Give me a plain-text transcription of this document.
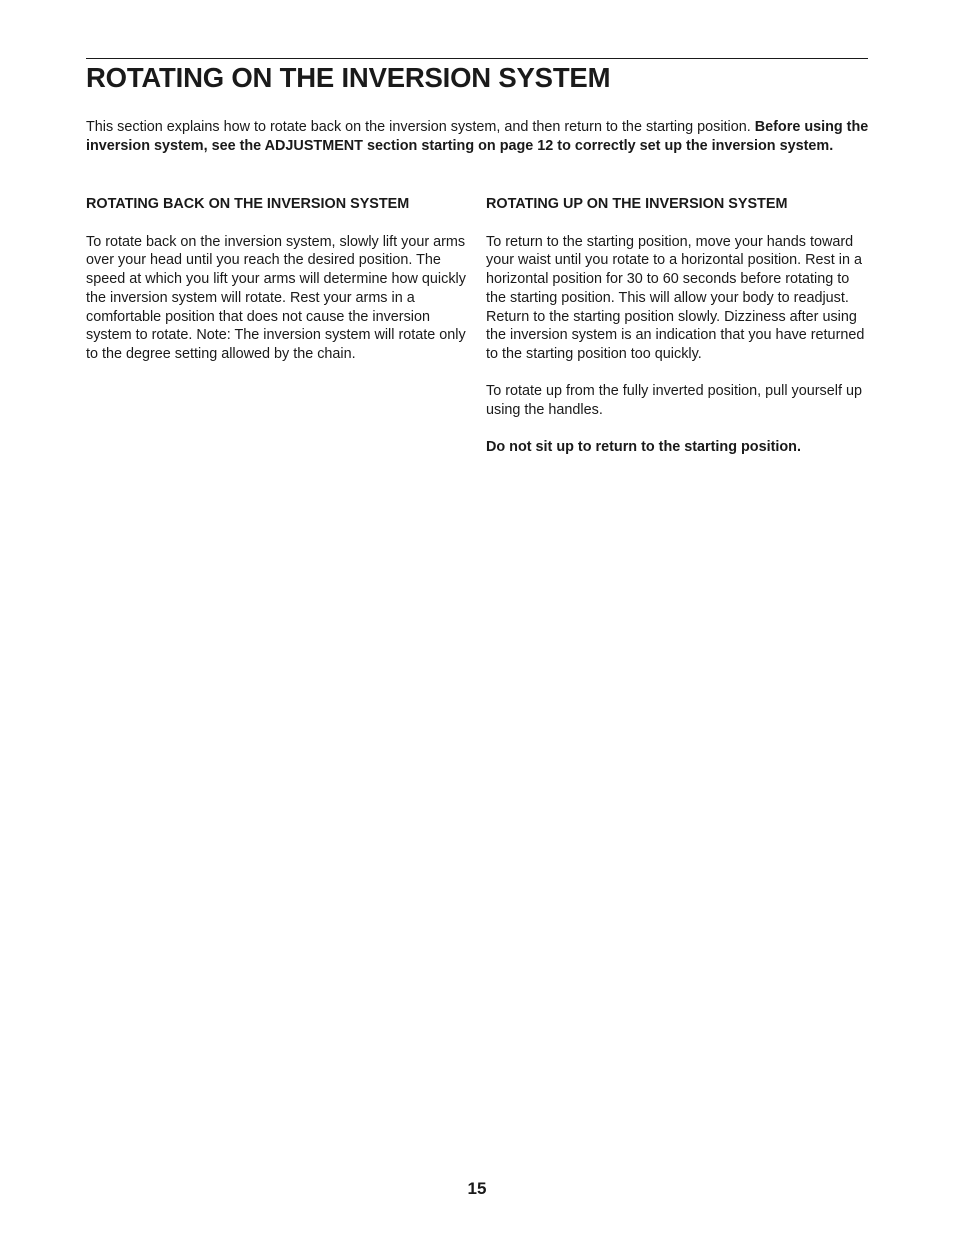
ROTATING ON THE INVERSION SYSTEM

This section explains how to rotate back on the inversion system, and then return to the starting position. Before using the inversion system, see the ADJUSTMENT section starting on page 12 to correctly set up the inversion system.

ROTATING BACK ON THE INVERSION SYSTEM

To rotate back on the inversion system, slowly lift your arms over your head until you reach the desired position. The speed at which you lift your arms will determine how quickly the inversion system will rotate. Rest your arms in a comfortable position that does not cause the inversion system to rotate. Note: The inversion system will rotate only to the degree setting allowed by the chain.

ROTATING UP ON THE INVERSION SYSTEM

To return to the starting position, move your hands toward your waist until you rotate to a horizontal position. Rest in a horizontal position for 30 to 60 seconds before rotating to the starting position. This will allow your body to readjust. Return to the starting position slowly. Dizziness after using the inversion system is an indication that you have returned to the starting position too quickly.

To rotate up from the fully inverted position, pull yourself up using the handles.

Do not sit up to return to the starting position.

15
